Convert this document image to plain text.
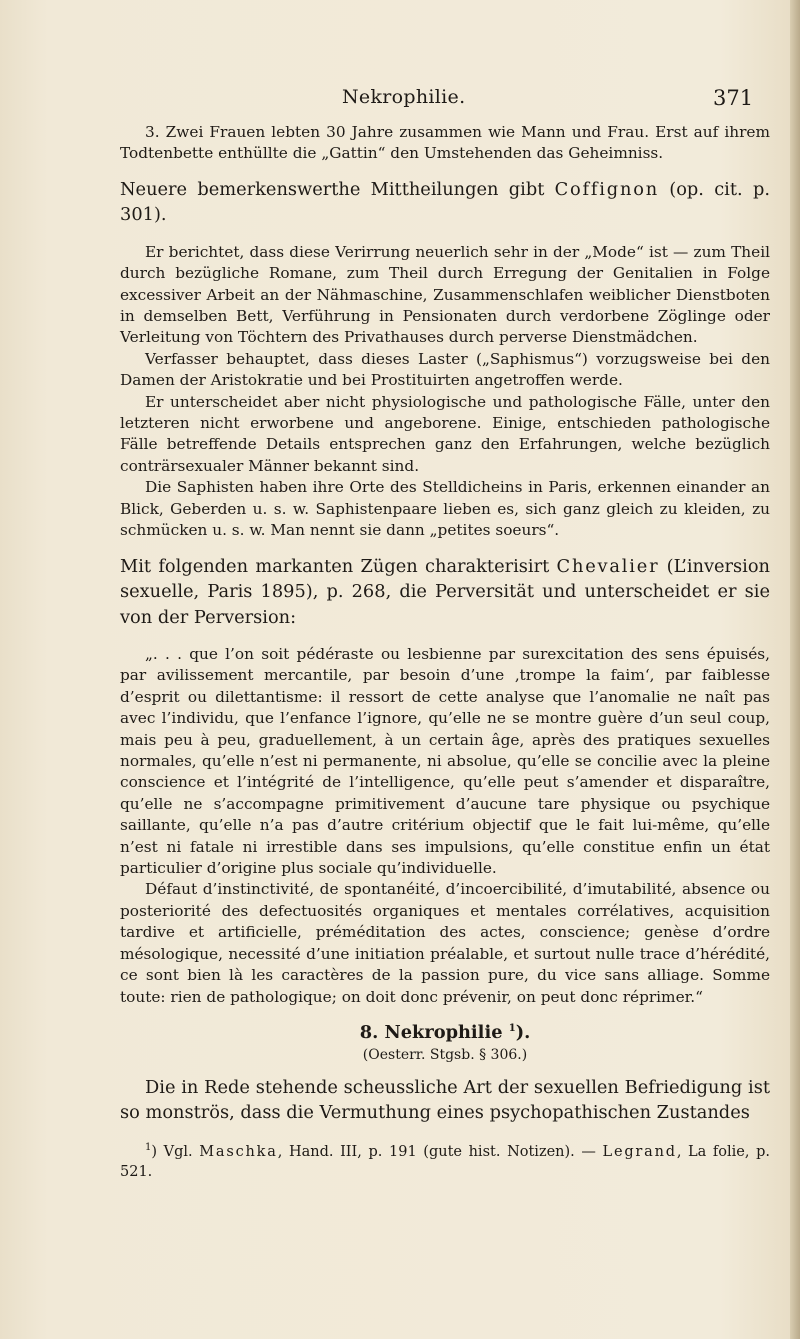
Nekrophilie.	371

3. Zwei Frauen lebten 30 Jahre zusammen wie Mann und Frau. Erst auf ihrem Todtenbette enthüllte die „Gattin“ den Umstehenden das Geheimniss.

Neuere bemerkenswerthe Mittheilungen gibt Coffignon (op. cit. p. 301).

Er berichtet, dass diese Verirrung neuerlich sehr in der „Mode“ ist — zum Theil durch bezügliche Romane, zum Theil durch Erregung der Genitalien in Folge excessiver Arbeit an der Nähmaschine, Zusammenschlafen weiblicher Dienstboten in demselben Bett, Verführung in Pensionaten durch verdorbene Zöglinge oder Verleitung von Töchtern des Privathauses durch perverse Dienstmädchen.

Verfasser behauptet, dass dieses Laster („Saphismus“) vorzugsweise bei den Damen der Aristokratie und bei Prostituirten angetroffen werde.

Er unterscheidet aber nicht physiologische und pathologische Fälle, unter den letzteren nicht erworbene und angeborene. Einige, entschieden pathologische Fälle betreffende Details entsprechen ganz den Erfahrungen, welche bezüglich conträrsexualer Männer bekannt sind.

Die Saphisten haben ihre Orte des Stelldicheins in Paris, erkennen einander an Blick, Geberden u. s. w. Saphistenpaare lieben es, sich ganz gleich zu kleiden, zu schmücken u. s. w. Man nennt sie dann „petites soeurs“.

Mit folgenden markanten Zügen charakterisirt Chevalier (L’inversion sexuelle, Paris 1895), p. 268, die Perversität und unterscheidet er sie von der Perversion:

„. . . que l’on soit pédéraste ou lesbienne par surexcitation des sens épuisés, par avilissement mercantile, par besoin d’une ‚trompe la faim‘, par faiblesse d’esprit ou dilettantisme: il ressort de cette analyse que l’anomalie ne naît pas avec l’individu, que l’enfance l’ignore, qu’elle ne se montre guère d’un seul coup, mais peu à peu, graduellement, à un certain âge, après des pratiques sexuelles normales, qu’elle n’est ni permanente, ni absolue, qu’elle se concilie avec la pleine conscience et l’intégrité de l’intelligence, qu’elle peut s’amender et disparaître, qu’elle ne s’accompagne primitivement d’aucune tare physique ou psychique saillante, qu’elle n’a pas d’autre critérium objectif que le fait lui-même, qu’elle n’est ni fatale ni irrestible dans ses impulsions, qu’elle constitue enfin un état particulier d’origine plus sociale qu’individuelle.

Défaut d’instinctivité, de spontanéité, d’incoercibilité, d’imutabilité, absence ou posteriorité des defectuosités organiques et mentales corrélatives, acquisition tardive et artificielle, préméditation des actes, conscience; genèse d’ordre mésologique, necessité d’une initiation préalable, et surtout nulle trace d’hérédité, ce sont bien là les caractères de la passion pure, du vice sans alliage. Somme toute: rien de pathologique; on doit donc prévenir, on peut donc réprimer.“

8. Nekrophilie $^1$).

(Oesterr. Stgsb. § 306.)

Die in Rede stehende scheussliche Art der sexuellen Befriedigung ist so monströs, dass die Vermuthung eines psychopathischen Zustandes

$^1$) Vgl. Maschka, Hand. III, p. 191 (gute hist. Notizen). — Legrand, La folie, p. 521.
